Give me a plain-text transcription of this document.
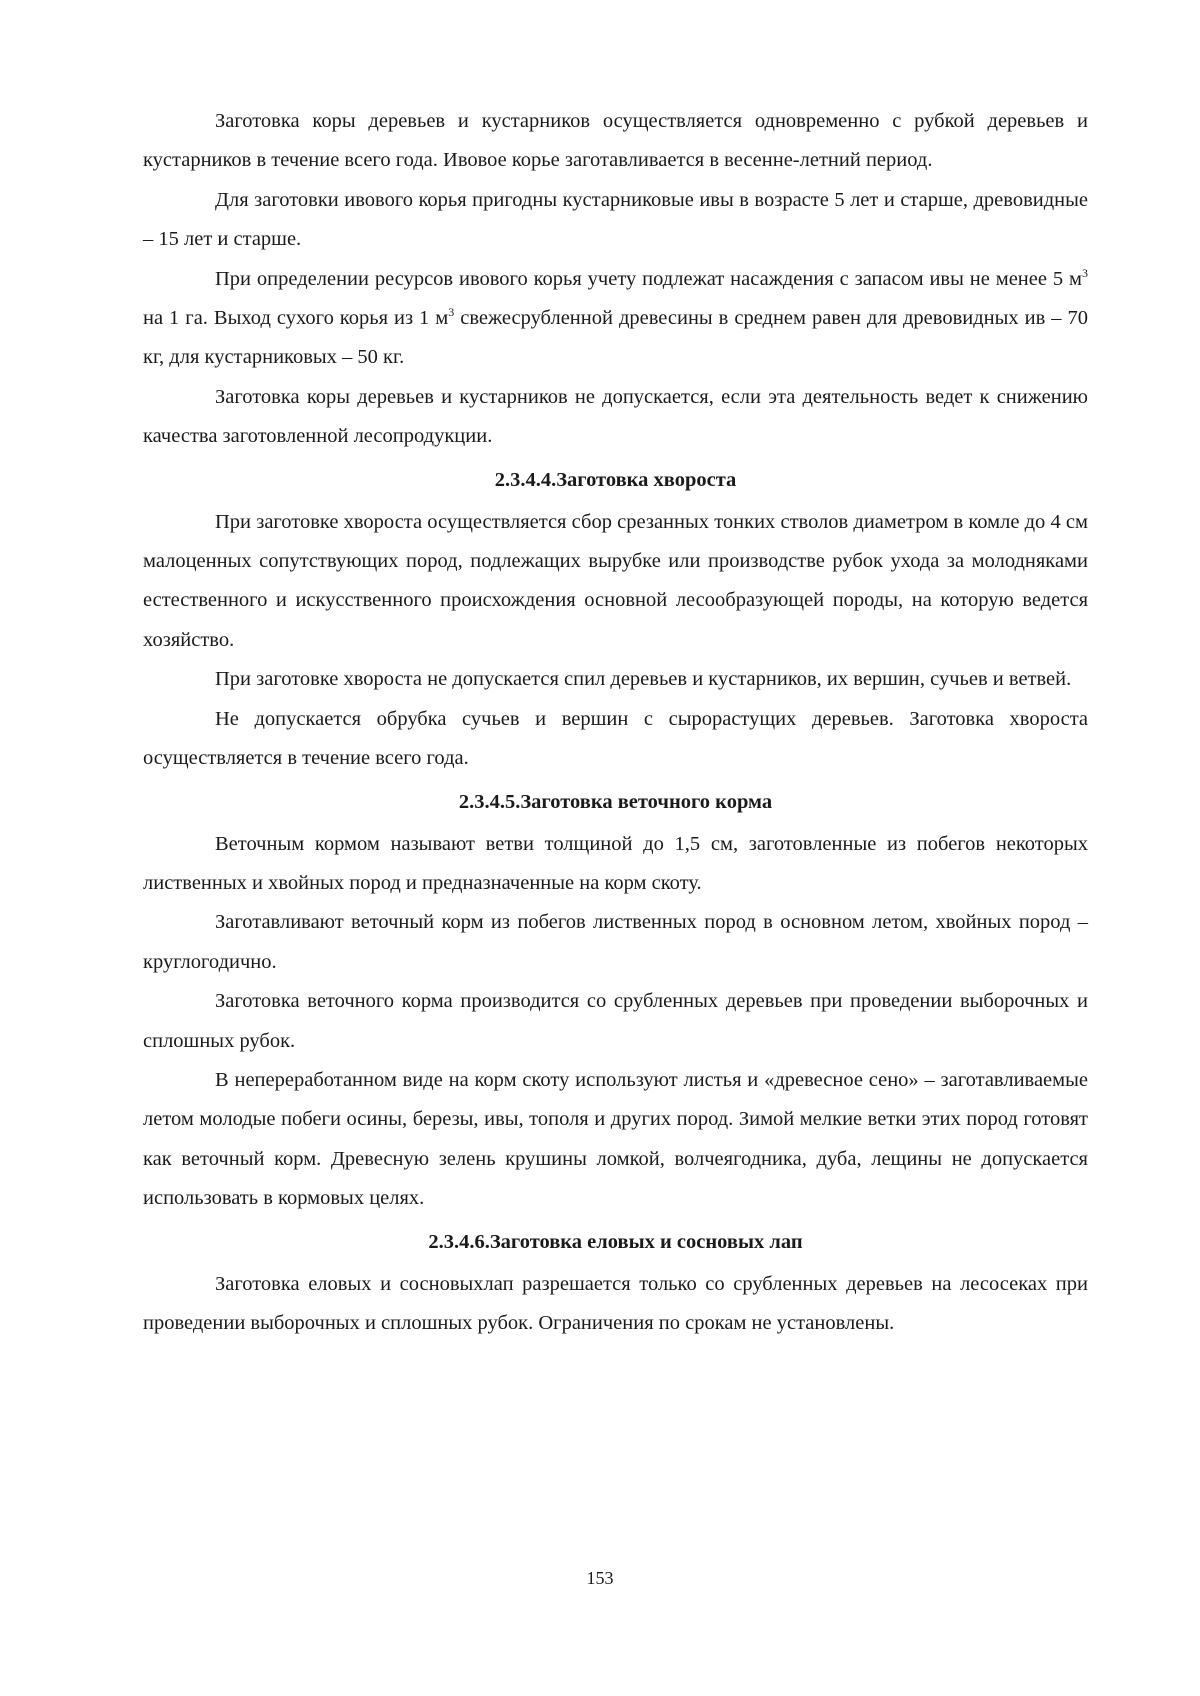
Заготовка коры деревьев и кустарников осуществляется одновременно с рубкой деревьев и кустарников в течение всего года. Ивовое корье заготавливается в весенне-летний период.

Для заготовки ивового корья пригодны кустарниковые ивы в возрасте 5 лет и старше, древовидные – 15 лет и старше.

При определении ресурсов ивового корья учету подлежат насаждения с запасом ивы не менее 5 $м^3$ на 1 га. Выход сухого корья из 1 $м^3$ свежесрубленной древесины в среднем равен для древовидных ив – 70 кг, для кустарниковых – 50 кг.

Заготовка коры деревьев и кустарников не допускается, если эта деятельность ведет к снижению качества заготовленной лесопродукции.

2.3.4.4.Заготовка хвороста

При заготовке хвороста осуществляется сбор срезанных тонких стволов диаметром в комле до 4 см малоценных сопутствующих пород, подлежащих вырубке или производстве рубок ухода за молодняками естественного и искусственного происхождения основной лесообразующей породы, на которую ведется хозяйство.

При заготовке хвороста не допускается спил деревьев и кустарников, их вершин, сучьев и ветвей.

Не допускается обрубка сучьев и вершин с сырорастущих деревьев. Заготовка хвороста осуществляется в течение всего года.

2.3.4.5.Заготовка веточного корма

Веточным кормом называют ветви толщиной до 1,5 см, заготовленные из побегов некоторых лиственных и хвойных пород и предназначенные на корм скоту.

Заготавливают веточный корм из побегов лиственных пород в основном летом, хвойных пород – круглогодично.

Заготовка веточного корма производится со срубленных деревьев при проведении выборочных и сплошных рубок.

В непереработанном виде на корм скоту используют листья и «древесное сено» – заготавливаемые летом молодые побеги осины, березы, ивы, тополя и других пород. Зимой мелкие ветки этих пород готовят как веточный корм. Древесную зелень крушины ломкой, волчеягодника, дуба, лещины не допускается использовать в кормовых целях.

2.3.4.6.Заготовка еловых и сосновых лап

Заготовка еловых и сосновыхлап разрешается только со срубленных деревьев на лесосеках при проведении выборочных и сплошных рубок. Ограничения по срокам не установлены.

153
